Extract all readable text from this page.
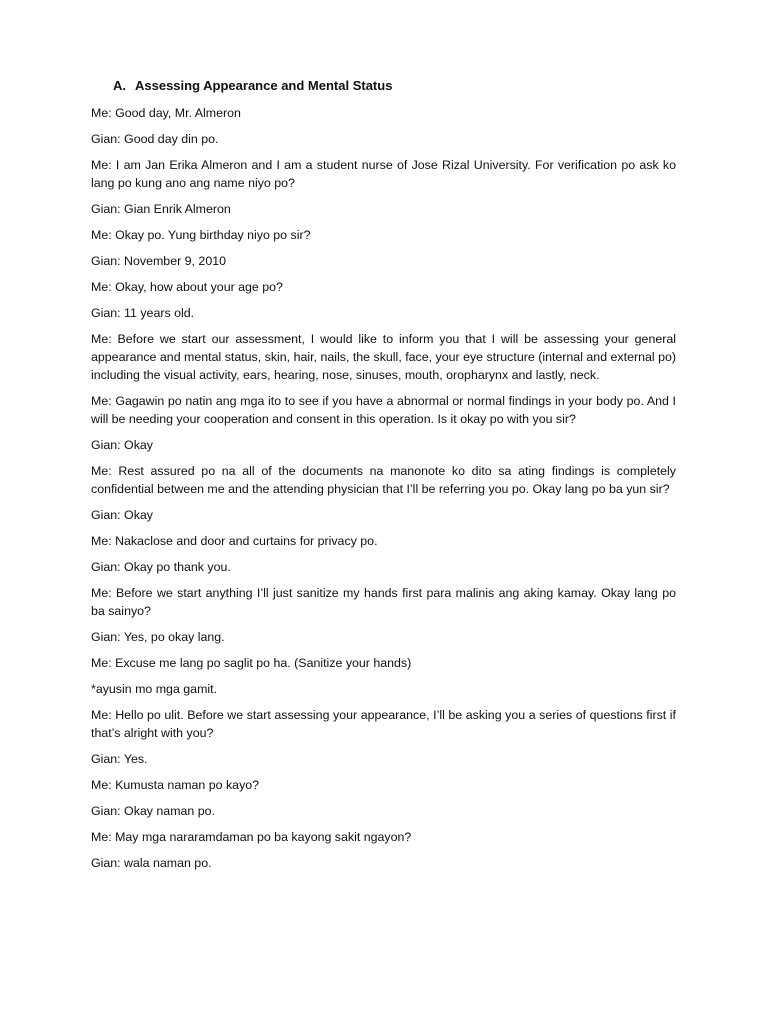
A. Assessing Appearance and Mental Status

Me: Good day, Mr. Almeron

Gian: Good day din po.

Me: I am Jan Erika Almeron and I am a student nurse of Jose Rizal University. For verification po ask ko lang po kung ano ang name niyo po?

Gian: Gian Enrik Almeron

Me: Okay po. Yung birthday niyo po sir?

Gian: November 9, 2010

Me: Okay, how about your age po?

Gian: 11 years old.

Me: Before we start our assessment, I would like to inform you that I will be assessing your general appearance and mental status, skin, hair, nails, the skull, face, your eye structure (internal and external po) including the visual activity, ears, hearing, nose, sinuses, mouth, oropharynx and lastly, neck.

Me: Gagawin po natin ang mga ito to see if you have a abnormal or normal findings in your body po. And I will be needing your cooperation and consent in this operation. Is it okay po with you sir?

Gian: Okay

Me: Rest assured po na all of the documents na manonote ko dito sa ating findings is completely confidential between me and the attending physician that I’ll be referring you po. Okay lang po ba yun sir?

Gian: Okay

Me: Nakaclose and door and curtains for privacy po.

Gian: Okay po thank you.

Me: Before we start anything I’ll just sanitize my hands first para malinis ang aking kamay. Okay lang po ba sainyo?

Gian: Yes, po okay lang.

Me: Excuse me lang po saglit po ha. (Sanitize your hands)

*ayusin mo mga gamit.

Me: Hello po ulit. Before we start assessing your appearance, I’ll be asking you a series of questions first if that’s alright with you?

Gian: Yes.

Me: Kumusta naman po kayo?

Gian: Okay naman po.

Me: May mga nararamdaman po ba kayong sakit ngayon?

Gian: wala naman po.
